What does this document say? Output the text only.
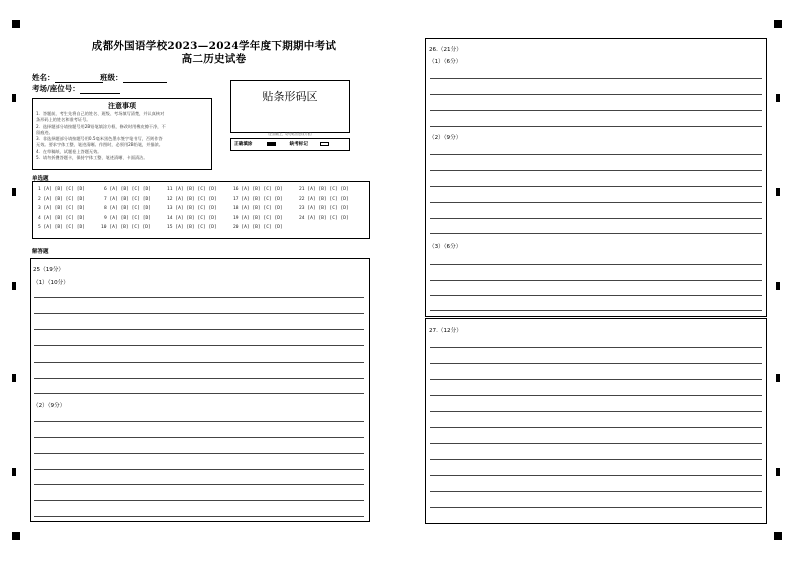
成都外国语学校2023—2024学年度下期期中考试
高二历史试卷
姓名：	班级：
考场/座位号：
注意事项
1．答题前，考生先将自己的姓名、班级、考场填写清楚，并认真核对
条形码上的姓名和准考证号。
2．选择题部分请按题号用2B铅笔填涂方框，修改时用橡皮擦干净，不
留痕迹。
3．非选择题部分请按题号用0.5毫米黑色墨水签字笔书写，否则作答
无效。要求字体工整、笔迹清晰。作图时，必须用2B铅笔，并描浓。
4．在草稿纸、试题卷上答题无效。
5．请勿折叠答题卡，保持字体工整、笔迹清晰、卡面清洁。
贴条形码区
（正面朝上，切勿贴出虚线方框）
正确填涂	缺考标记
单选题
1 [A] [B] [C] [D]
2 [A] [B] [C] [D]
3 [A] [B] [C] [D]
4 [A] [B] [C] [D]
5 [A] [B] [C] [D]
6 [A] [B] [C] [D]
7 [A] [B] [C] [D]
8 [A] [B] [C] [D]
9 [A] [B] [C] [D]
10 [A] [B] [C] [D]
11 [A] [B] [C] [D]
12 [A] [B] [C] [D]
13 [A] [B] [C] [D]
14 [A] [B] [C] [D]
15 [A] [B] [C] [D]
16 [A] [B] [C] [D]
17 [A] [B] [C] [D]
18 [A] [B] [C] [D]
19 [A] [B] [C] [D]
20 [A] [B] [C] [D]
21 [A] [B] [C] [D]
22 [A] [B] [C] [D]
23 [A] [B] [C] [D]
24 [A] [B] [C] [D]
解答题
25（19分）
（1）（10分）
（2）（9分）
26.（21分）
（1）（6分）
（2）（9分）
（3）（6分）
27.（12分）
